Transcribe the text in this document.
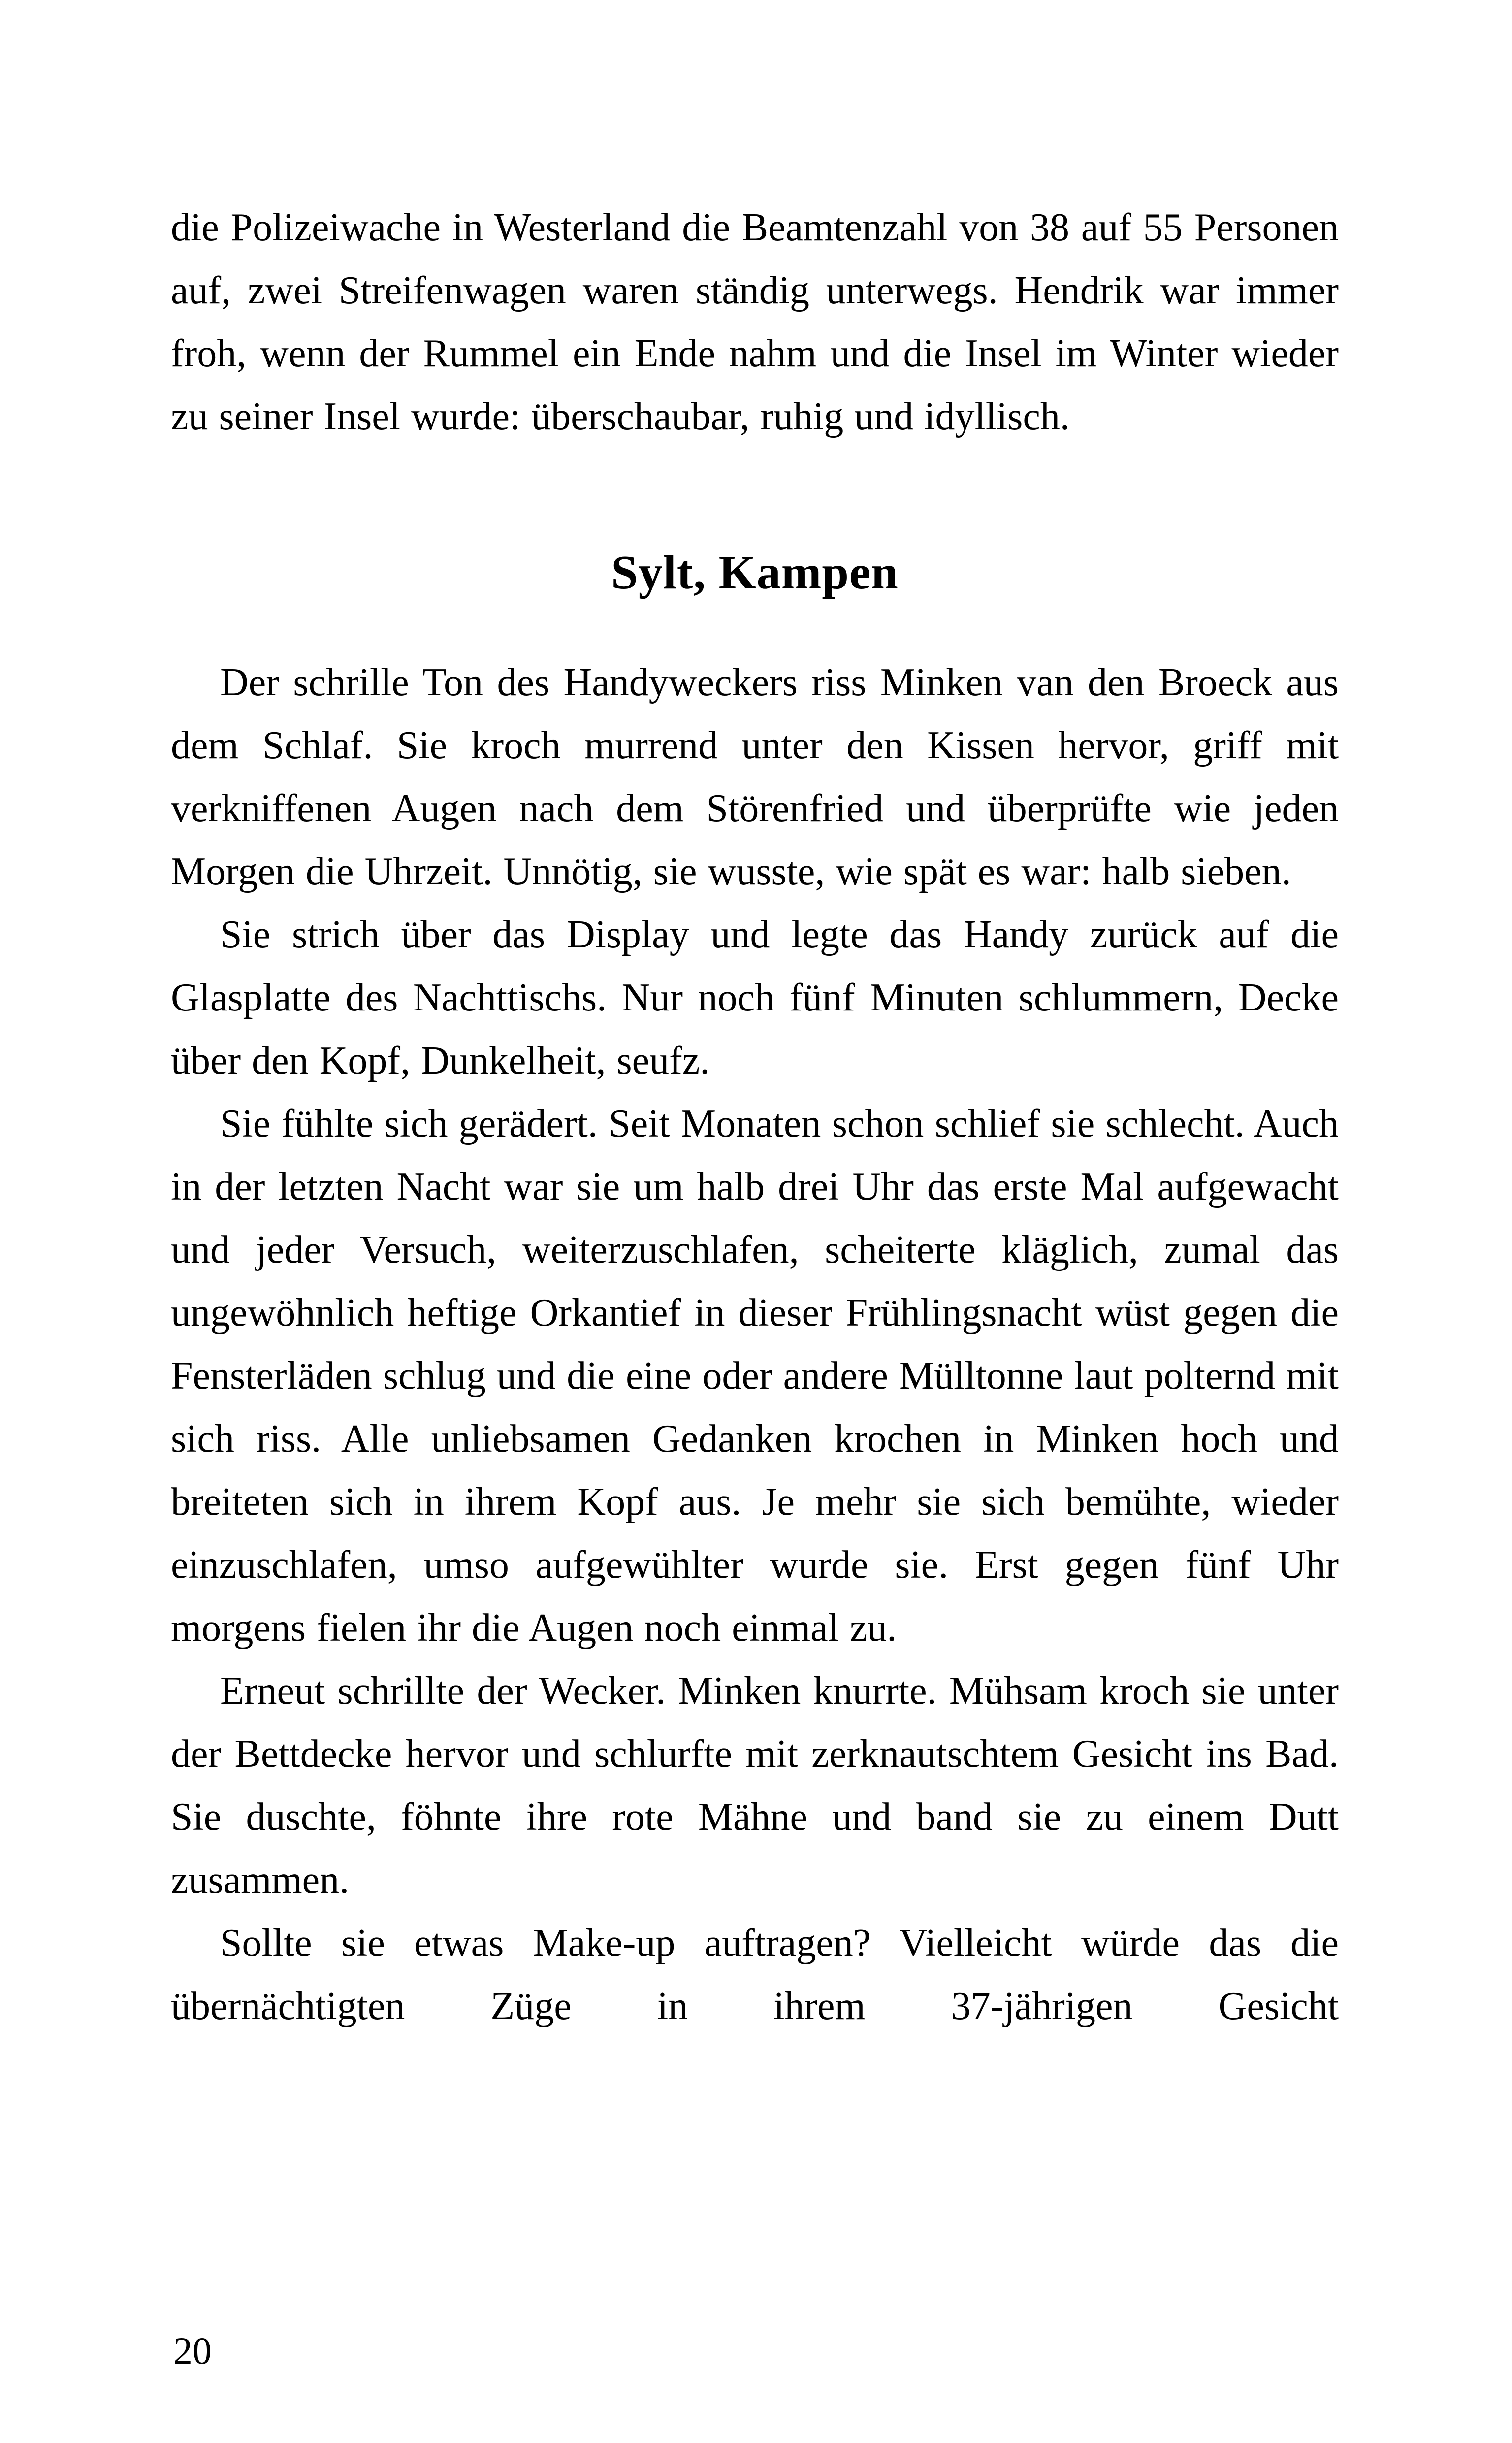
die Polizeiwache in Westerland die Beamtenzahl von 38 auf 55 Personen auf, zwei Streifenwagen waren ständig unterwegs. Hendrik war immer froh, wenn der Rummel ein Ende nahm und die Insel im Winter wieder zu seiner Insel wurde: überschaubar, ruhig und idyllisch.

Sylt, Kampen

Der schrille Ton des Handyweckers riss Minken van den Broeck aus dem Schlaf. Sie kroch murrend unter den Kissen hervor, griff mit verkniffenen Augen nach dem Störenfried und überprüfte wie jeden Morgen die Uhrzeit. Unnötig, sie wusste, wie spät es war: halb sieben.

Sie strich über das Display und legte das Handy zurück auf die Glasplatte des Nachttischs. Nur noch fünf Minuten schlummern, Decke über den Kopf, Dunkelheit, seufz.

Sie fühlte sich gerädert. Seit Monaten schon schlief sie schlecht. Auch in der letzten Nacht war sie um halb drei Uhr das erste Mal aufgewacht und jeder Versuch, weiterzuschlafen, scheiterte kläglich, zumal das ungewöhnlich heftige Orkantief in dieser Frühlingsnacht wüst gegen die Fensterläden schlug und die eine oder andere Mülltonne laut polternd mit sich riss. Alle unliebsamen Gedanken krochen in Minken hoch und breiteten sich in ihrem Kopf aus. Je mehr sie sich bemühte, wieder einzuschlafen, umso aufgewühlter wurde sie. Erst gegen fünf Uhr morgens fielen ihr die Augen noch einmal zu.

Erneut schrillte der Wecker. Minken knurrte. Mühsam kroch sie unter der Bettdecke hervor und schlurfte mit zerknautschtem Gesicht ins Bad. Sie duschte, föhnte ihre rote Mähne und band sie zu einem Dutt zusammen.

Sollte sie etwas Make-up auftragen? Vielleicht würde das die übernächtigten Züge in ihrem 37-jährigen Gesicht

20
